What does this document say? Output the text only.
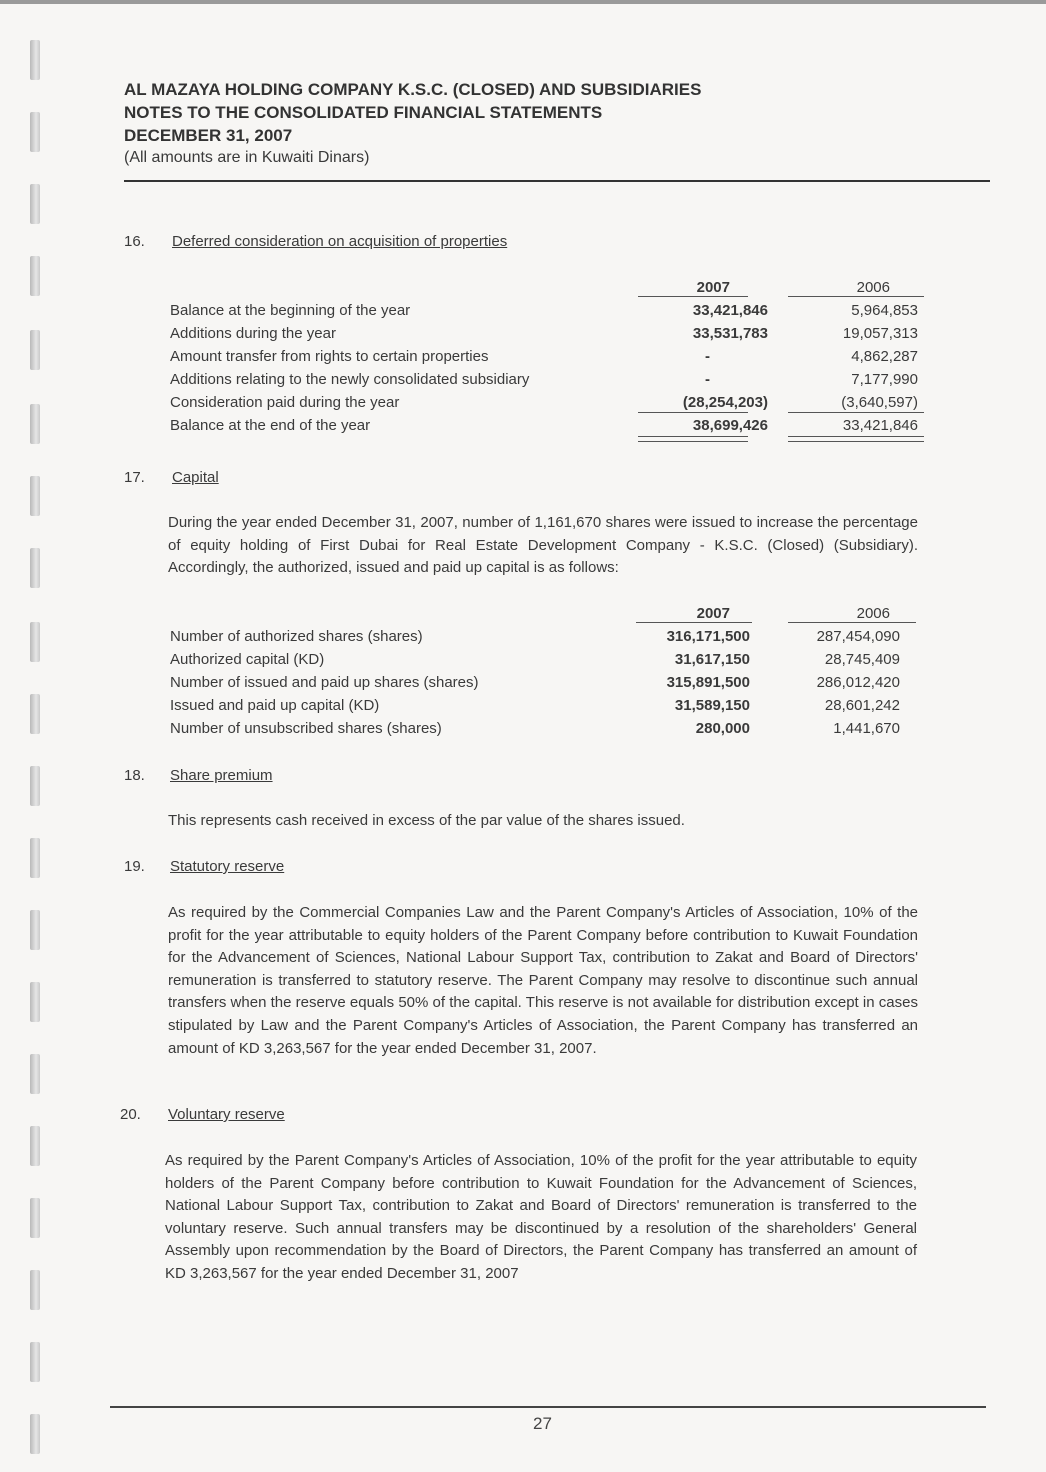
AL MAZAYA HOLDING COMPANY K.S.C. (CLOSED) AND SUBSIDIARIES
NOTES TO THE CONSOLIDATED FINANCIAL STATEMENTS
DECEMBER 31, 2007
(All amounts are in Kuwaiti Dinars)
16. Deferred consideration on acquisition of properties
2007	2006
Balance at the beginning of the year	33,421,846	5,964,853
Additions during the year	33,531,783	19,057,313
Amount transfer from rights to certain properties	-	4,862,287
Additions relating to the newly consolidated subsidiary	-	7,177,990
Consideration paid during the year	(28,254,203)	(3,640,597)
Balance at the end of the year	38,699,426	33,421,846
17. Capital
During the year ended December 31, 2007, number of 1,161,670 shares were issued to increase the percentage of equity holding of First Dubai for Real Estate Development Company - K.S.C. (Closed) (Subsidiary). Accordingly, the authorized, issued and paid up capital is as follows:
2007	2006
Number of authorized shares (shares)	316,171,500	287,454,090
Authorized capital (KD)	31,617,150	28,745,409
Number of issued and paid up shares (shares)	315,891,500	286,012,420
Issued and paid up capital (KD)	31,589,150	28,601,242
Number of unsubscribed shares (shares)	280,000	1,441,670
18. Share premium
This represents cash received in excess of the par value of the shares issued.
19. Statutory reserve
As required by the Commercial Companies Law and the Parent Company's Articles of Association, 10% of the profit for the year attributable to equity holders of the Parent Company before contribution to Kuwait Foundation for the Advancement of Sciences, National Labour Support Tax, contribution to Zakat and Board of Directors' remuneration is transferred to statutory reserve. The Parent Company may resolve to discontinue such annual transfers when the reserve equals 50% of the capital. This reserve is not available for distribution except in cases stipulated by Law and the Parent Company's Articles of Association, the Parent Company has transferred an amount of KD 3,263,567 for the year ended December 31, 2007.
20. Voluntary reserve
As required by the Parent Company's Articles of Association, 10% of the profit for the year attributable to equity holders of the Parent Company before contribution to Kuwait Foundation for the Advancement of Sciences, National Labour Support Tax, contribution to Zakat and Board of Directors' remuneration is transferred to the voluntary reserve. Such annual transfers may be discontinued by a resolution of the shareholders' General Assembly upon recommendation by the Board of Directors, the Parent Company has transferred an amount of KD 3,263,567 for the year ended December 31, 2007
27
